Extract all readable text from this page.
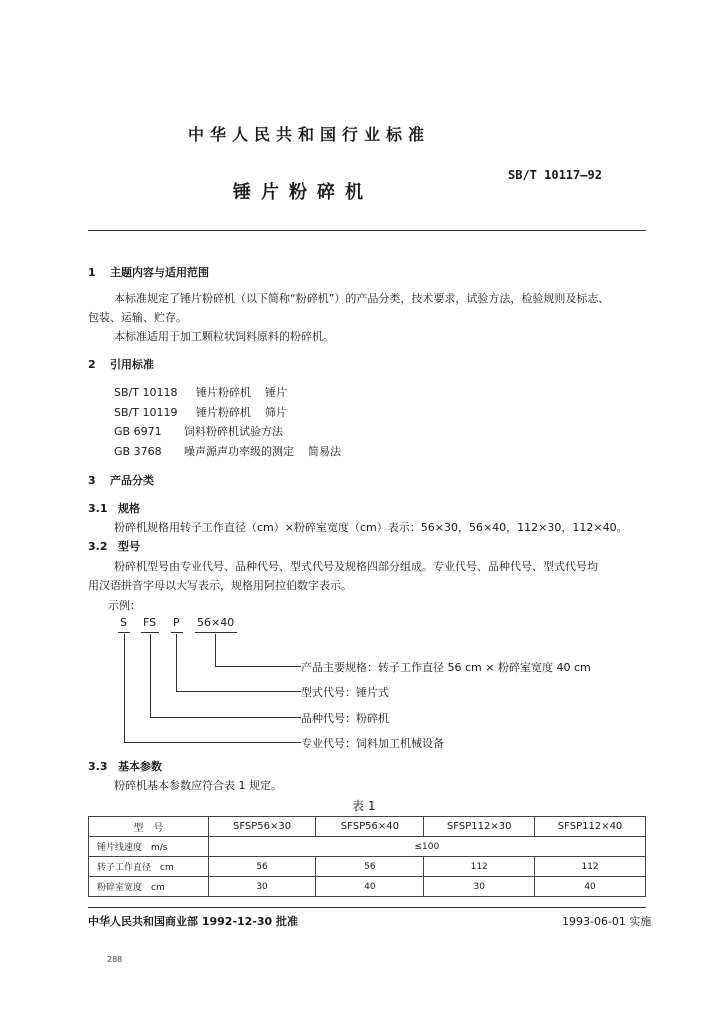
中华人民共和国行业标准
SB/T 10117—92
锤片粉碎机
1 主题内容与适用范围
本标准规定了锤片粉碎机（以下简称“粉碎机”）的产品分类，技术要求，试验方法，检验规则及标志、
包装、运输、贮存。
本标准适用于加工颗粒状饲料原料的粉碎机。
2 引用标准
SB/T 10118 锤片粉碎机 锤片
SB/T 10119 锤片粉碎机 筛片
GB 6971 饲料粉碎机试验方法
GB 3768 噪声源声功率级的测定 简易法
3 产品分类
3.1 规格
粉碎机规格用转子工作直径（cm）×粉碎室宽度（cm）表示：56×30，56×40，112×30，112×40。
3.2 型号
粉碎机型号由专业代号、品种代号、型式代号及规格四部分组成。专业代号、品种代号、型式代号均
用汉语拼音字母以大写表示，规格用阿拉伯数字表示。
示例：
S FS P 56×40
产品主要规格：转子工作直径 56 cm × 粉碎室宽度 40 cm
型式代号：锤片式
品种代号：粉碎机
专业代号：饲料加工机械设备
3.3 基本参数
粉碎机基本参数应符合表 1 规定。
表 1
型　号	SFSP56×30	SFSP56×40	SFSP112×30	SFSP112×40
锤片线速度　m/s	≤100			
转子工作直径　cm	56	56	112	112
粉碎室宽度　cm	30	40	30	40
中华人民共和国商业部 1992-12-30 批准	1993-06-01 实施
288
